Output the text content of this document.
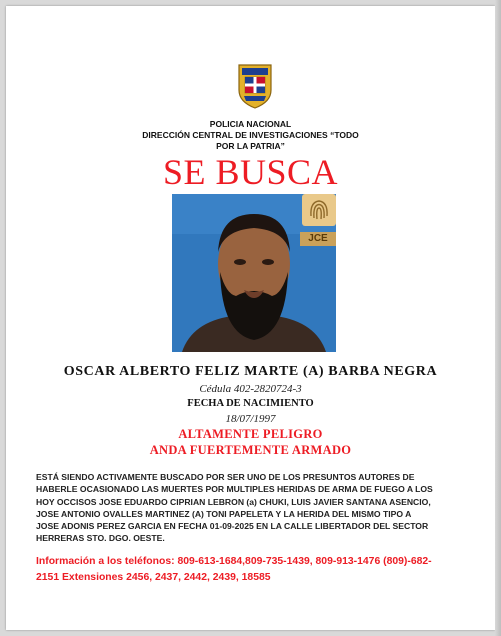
POLICIA NACIONAL
DIRECCIÓN CENTRAL DE INVESTIGACIONES “TODO
POR LA PATRIA”
SE BUSCA
JCE
OSCAR ALBERTO FELIZ MARTE (A) BARBA NEGRA
Cédula 402-2820724-3
FECHA DE NACIMIENTO
18/07/1997
ALTAMENTE PELIGRO
ANDA FUERTEMENTE ARMADO
ESTÁ SIENDO ACTIVAMENTE BUSCADO POR SER UNO DE LOS PRESUNTOS AUTORES DE
HABERLE OCASIONADO LAS MUERTES POR MULTIPLES HERIDAS DE ARMA DE FUEGO A LOS
HOY OCCISOS JOSE EDUARDO CIPRIAN LEBRON (a) CHUKI, LUIS JAVIER SANTANA ASENCIO,
JOSE ANTONIO OVALLES MARTINEZ (A) TONI PAPELETA Y LA HERIDA DEL MISMO TIPO A
JOSE ADONIS PEREZ GARCIA EN FECHA 01-09-2025 EN LA CALLE LIBERTADOR DEL SECTOR
HERRERAS STO. DGO. OESTE.
Información a los teléfonos: 809-613-1684,809-735-1439, 809-913-1476 (809)-682-
2151 Extensiones 2456, 2437, 2442, 2439, 18585
